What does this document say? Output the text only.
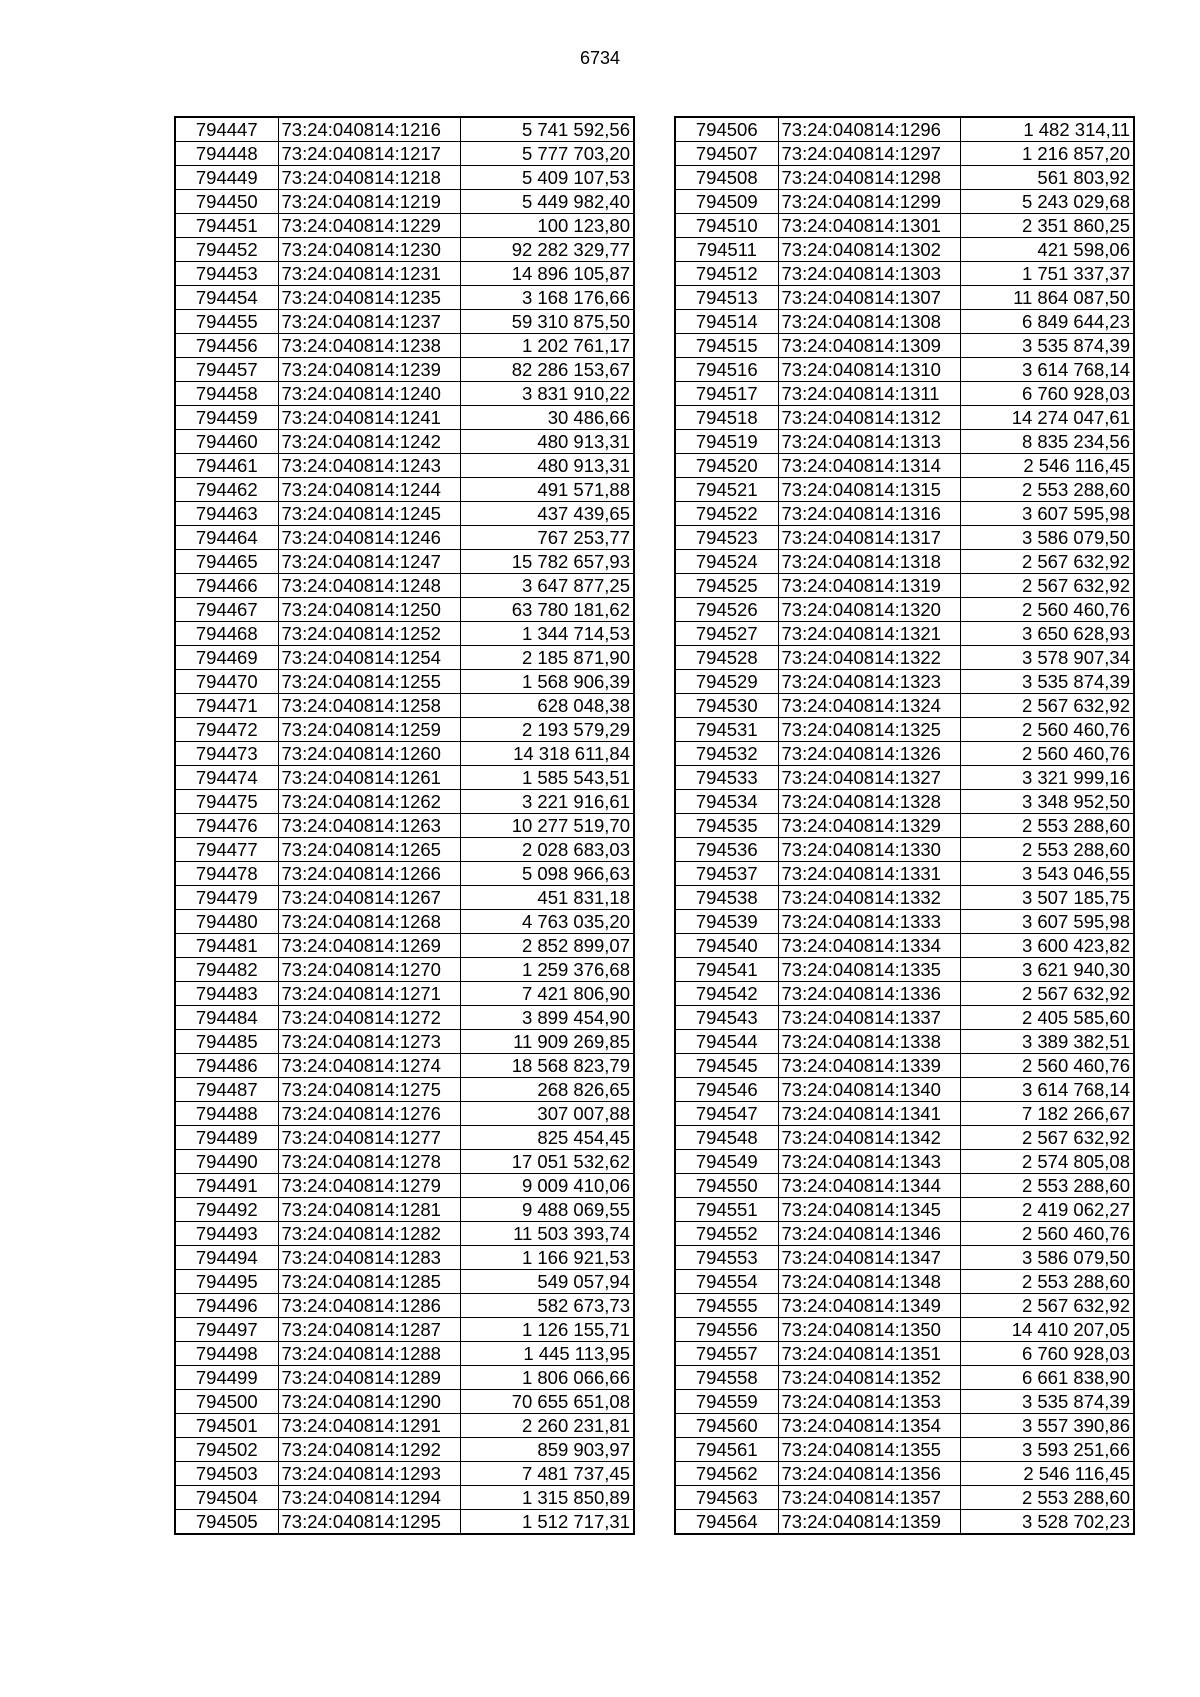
6734
794447	73:24:040814:1216	5 741 592,56
794448	73:24:040814:1217	5 777 703,20
794449	73:24:040814:1218	5 409 107,53
794450	73:24:040814:1219	5 449 982,40
794451	73:24:040814:1229	100 123,80
794452	73:24:040814:1230	92 282 329,77
794453	73:24:040814:1231	14 896 105,87
794454	73:24:040814:1235	3 168 176,66
794455	73:24:040814:1237	59 310 875,50
794456	73:24:040814:1238	1 202 761,17
794457	73:24:040814:1239	82 286 153,67
794458	73:24:040814:1240	3 831 910,22
794459	73:24:040814:1241	30 486,66
794460	73:24:040814:1242	480 913,31
794461	73:24:040814:1243	480 913,31
794462	73:24:040814:1244	491 571,88
794463	73:24:040814:1245	437 439,65
794464	73:24:040814:1246	767 253,77
794465	73:24:040814:1247	15 782 657,93
794466	73:24:040814:1248	3 647 877,25
794467	73:24:040814:1250	63 780 181,62
794468	73:24:040814:1252	1 344 714,53
794469	73:24:040814:1254	2 185 871,90
794470	73:24:040814:1255	1 568 906,39
794471	73:24:040814:1258	628 048,38
794472	73:24:040814:1259	2 193 579,29
794473	73:24:040814:1260	14 318 611,84
794474	73:24:040814:1261	1 585 543,51
794475	73:24:040814:1262	3 221 916,61
794476	73:24:040814:1263	10 277 519,70
794477	73:24:040814:1265	2 028 683,03
794478	73:24:040814:1266	5 098 966,63
794479	73:24:040814:1267	451 831,18
794480	73:24:040814:1268	4 763 035,20
794481	73:24:040814:1269	2 852 899,07
794482	73:24:040814:1270	1 259 376,68
794483	73:24:040814:1271	7 421 806,90
794484	73:24:040814:1272	3 899 454,90
794485	73:24:040814:1273	11 909 269,85
794486	73:24:040814:1274	18 568 823,79
794487	73:24:040814:1275	268 826,65
794488	73:24:040814:1276	307 007,88
794489	73:24:040814:1277	825 454,45
794490	73:24:040814:1278	17 051 532,62
794491	73:24:040814:1279	9 009 410,06
794492	73:24:040814:1281	9 488 069,55
794493	73:24:040814:1282	11 503 393,74
794494	73:24:040814:1283	1 166 921,53
794495	73:24:040814:1285	549 057,94
794496	73:24:040814:1286	582 673,73
794497	73:24:040814:1287	1 126 155,71
794498	73:24:040814:1288	1 445 113,95
794499	73:24:040814:1289	1 806 066,66
794500	73:24:040814:1290	70 655 651,08
794501	73:24:040814:1291	2 260 231,81
794502	73:24:040814:1292	859 903,97
794503	73:24:040814:1293	7 481 737,45
794504	73:24:040814:1294	1 315 850,89
794505	73:24:040814:1295	1 512 717,31
794506	73:24:040814:1296	1 482 314,11
794507	73:24:040814:1297	1 216 857,20
794508	73:24:040814:1298	561 803,92
794509	73:24:040814:1299	5 243 029,68
794510	73:24:040814:1301	2 351 860,25
794511	73:24:040814:1302	421 598,06
794512	73:24:040814:1303	1 751 337,37
794513	73:24:040814:1307	11 864 087,50
794514	73:24:040814:1308	6 849 644,23
794515	73:24:040814:1309	3 535 874,39
794516	73:24:040814:1310	3 614 768,14
794517	73:24:040814:1311	6 760 928,03
794518	73:24:040814:1312	14 274 047,61
794519	73:24:040814:1313	8 835 234,56
794520	73:24:040814:1314	2 546 116,45
794521	73:24:040814:1315	2 553 288,60
794522	73:24:040814:1316	3 607 595,98
794523	73:24:040814:1317	3 586 079,50
794524	73:24:040814:1318	2 567 632,92
794525	73:24:040814:1319	2 567 632,92
794526	73:24:040814:1320	2 560 460,76
794527	73:24:040814:1321	3 650 628,93
794528	73:24:040814:1322	3 578 907,34
794529	73:24:040814:1323	3 535 874,39
794530	73:24:040814:1324	2 567 632,92
794531	73:24:040814:1325	2 560 460,76
794532	73:24:040814:1326	2 560 460,76
794533	73:24:040814:1327	3 321 999,16
794534	73:24:040814:1328	3 348 952,50
794535	73:24:040814:1329	2 553 288,60
794536	73:24:040814:1330	2 553 288,60
794537	73:24:040814:1331	3 543 046,55
794538	73:24:040814:1332	3 507 185,75
794539	73:24:040814:1333	3 607 595,98
794540	73:24:040814:1334	3 600 423,82
794541	73:24:040814:1335	3 621 940,30
794542	73:24:040814:1336	2 567 632,92
794543	73:24:040814:1337	2 405 585,60
794544	73:24:040814:1338	3 389 382,51
794545	73:24:040814:1339	2 560 460,76
794546	73:24:040814:1340	3 614 768,14
794547	73:24:040814:1341	7 182 266,67
794548	73:24:040814:1342	2 567 632,92
794549	73:24:040814:1343	2 574 805,08
794550	73:24:040814:1344	2 553 288,60
794551	73:24:040814:1345	2 419 062,27
794552	73:24:040814:1346	2 560 460,76
794553	73:24:040814:1347	3 586 079,50
794554	73:24:040814:1348	2 553 288,60
794555	73:24:040814:1349	2 567 632,92
794556	73:24:040814:1350	14 410 207,05
794557	73:24:040814:1351	6 760 928,03
794558	73:24:040814:1352	6 661 838,90
794559	73:24:040814:1353	3 535 874,39
794560	73:24:040814:1354	3 557 390,86
794561	73:24:040814:1355	3 593 251,66
794562	73:24:040814:1356	2 546 116,45
794563	73:24:040814:1357	2 553 288,60
794564	73:24:040814:1359	3 528 702,23
